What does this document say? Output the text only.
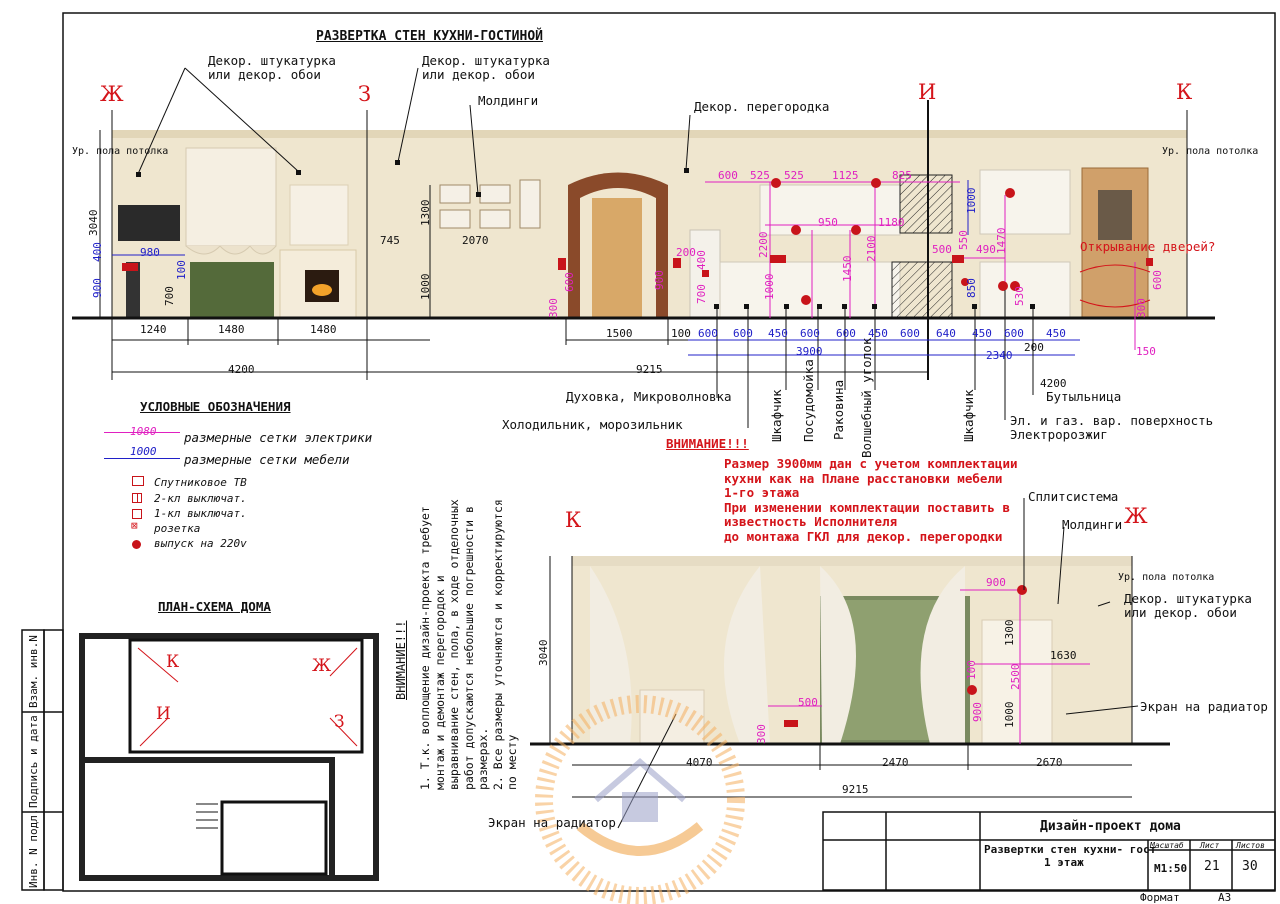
РАЗВЕРТКА СТЕН КУХНИ-ГОСТИНОЙ
Ж	З	И	К
Декор. штукатурка
или декор. обои
Декор. штукатурка
или декор. обои
Молдинги	Декор. перегородка
Ур. пола потолка	Ур. пола потолка
Открывание дверей?
3040
400
900	700
980
100
745
1300
2070
1000
1240	1480	1480	1500	100
4200	9215
600 525 525	1125	825
950	1180
2200
1450
2100
200
900	1000
600
400
700
300
1000
500 550 490 1470
850	530
600
300
150
600 600 450 600 600 450 600 640 450 600 450
3900	2340
200
4200
Духовка, Микроволновка
Холодильник, морозильник	Шкафчик Посудомойка Раковина Волшебный уголок	Шкафчик	Бутыльница
Эл. и газ. вар. поверхность
Электророзжиг
ВНИМАНИЕ!!!
Размер 3900мм дан с учетом комплектации
кухни как на Плане расстановки мебели
1-го этажа
При изменении комплектации поставить в
известность Исполнителя
до монтажа ГКЛ для декор. перегородки
УСЛОВНЫЕ ОБОЗНАЧЕНИЯ
1080 размерные сетки электрики
1000
размерные сетки мебели
Спутниковое ТВ
2-кл выключат.
1-кл выключат.
⊠ розетка
выпуск на 220v
ПЛАН-СХЕМА ДОМА
К	Ж
И	З
ВНИМАНИЕ!!!
1. Т.к. воплощение дизайн-проекта требует монтаж и демонтаж перегородок и выравнивание стен, пола, в ходе отделочных работ допускаются небольшие погрешности в размерах.
2. Все размеры уточняются и корректируются по месту
К	Ж
Сплитсистема
Молдинги
Ур. пола потолка
Декор. штукатурка
или декор. обои
Экран на радиатор
Экран на радиатор
3040
900
1300
1630
2500
1000
900
100
500
300
4070	2470	2670
9215
Взам. инв.N
Подпись и дата
Инв. N подл.	Дизайн-проект дома
Развертки стен кухни- гост
1 этаж
Масштаб Лист Листов
М1:50 21 30
Формат	А3
